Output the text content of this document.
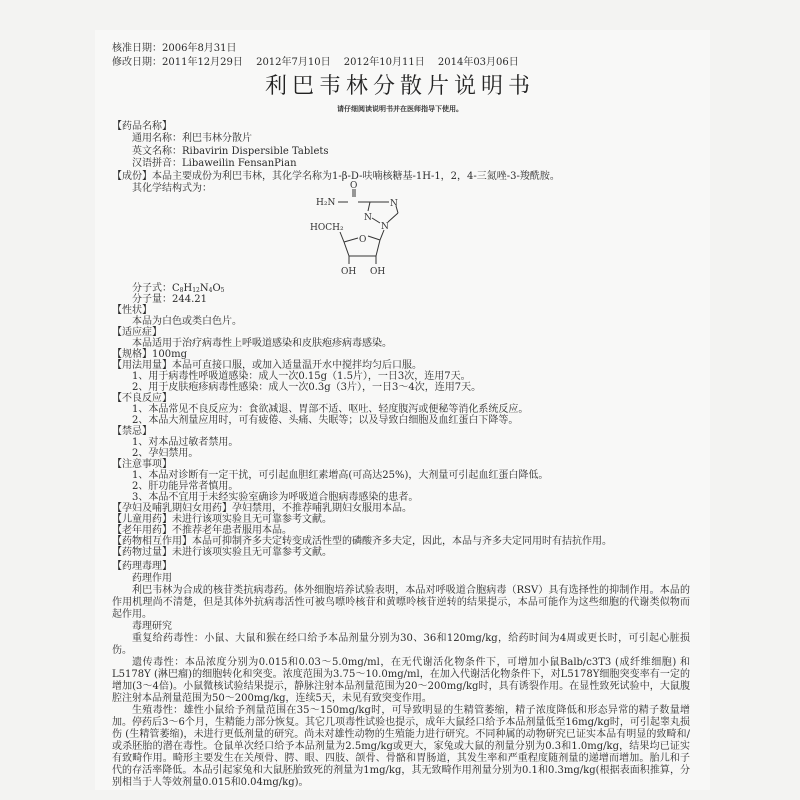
核准日期：2006年8月31日
修改日期：2011年12月29日　 2012年7月10日　 2012年10月11日　 2014年03月06日
利巴韦林分散片说明书
请仔细阅读说明书并在医师指导下使用。
【药品名称】
通用名称：利巴韦林分散片
英文名称：Ribavirin Dispersible Tablets
汉语拼音：Libaweilin FensanPian
【成份】本品主要成份为利巴韦林，其化学名称为1-β-D-呋喃核糖基-1H-1，2，4-三氮唑-3-羧酰胺。
其化学结构式为：	O
H₂N	N
N
N
HOCH₂
O
OH OH
分子式：C8H12N4O5
分子量：244.21
【性状】
本品为白色或类白色片。
【适应症】
本品适用于治疗病毒性上呼吸道感染和皮肤疱疹病毒感染。
【规格】100mg
【用法用量】本品可直接口服，或加入适量温开水中搅拌均匀后口服。
1、用于病毒性呼吸道感染：成人一次0.15g（1.5片），一日3次，连用7天。
2、用于皮肤疱疹病毒性感染：成人一次0.3g（3片），一日3～4次，连用7天。
【不良反应】
1、本品常见不良反应为：食欲减退、胃部不适、呕吐、轻度腹泻或便秘等消化系统反应。
2、本品大剂量应用时，可有疲倦、头痛、失眠等；以及导致白细胞及血红蛋白下降等。
【禁忌】
1、对本品过敏者禁用。
2、孕妇禁用。
【注意事项】
1、本品对诊断有一定干扰，可引起血胆红素增高(可高达25%)，大剂量可引起血红蛋白降低。
2、肝功能异常者慎用。
3、本品不宜用于未经实验室确诊为呼吸道合胞病毒感染的患者。
【孕妇及哺乳期妇女用药】孕妇禁用，不推荐哺乳期妇女服用本品。
【儿童用药】未进行该项实验且无可靠参考文献。
【老年用药】不推荐老年患者服用本品。
【药物相互作用】本品可抑制齐多夫定转变成活性型的磷酸齐多夫定，因此，本品与齐多夫定同用时有拮抗作用。
【药物过量】未进行该项实验且无可靠参考文献。
【药理毒理】
药理作用
利巴韦林为合成的核苷类抗病毒药。体外细胞培养试验表明，本品对呼吸道合胞病毒（RSV）具有选择性的抑制作用。本品的作用机理尚不清楚，但是其体外抗病毒活性可被鸟嘌呤核苷和黄嘌呤核苷逆转的结果提示，本品可能作为这些细胞的代谢类似物而起作用。
毒理研究
重复给药毒性：小鼠、大鼠和猴在经口给予本品剂量分别为30、36和120mg/kg，给药时间为4周或更长时，可引起心脏损伤。
遗传毒性：本品浓度分别为0.015和0.03～5.0mg/ml，在无代谢活化物条件下，可增加小鼠Balb/c3T3 (成纤维细胞) 和L5178Y (淋巴瘤)的细胞转化和突变。浓度范围为3.75～10.0mg/ml，在加入代谢活化物条件下，对L5178Y细胞突变率有一定的增加(3～4倍)。小鼠微核试验结果提示，静脉注射本品剂量范围为20～200mg/kg时，具有诱裂作用。在显性致死试验中，大鼠腹腔注射本品剂量范围为50～200mg/kg，连续5天，未见有致突变作用。
生殖毒性：雄性小鼠给予剂量范围在35～150mg/kg时，可导致明显的生精管萎缩，精子浓度降低和形态异常的精子数量增加。停药后3～6个月，生精能力部分恢复。其它几项毒性试验也提示，成年大鼠经口给予本品剂量低至16mg/kg时，可引起睾丸损伤 (生精管萎缩)，未进行更低剂量的研究。尚未对雄性动物的生殖能力进行研究。不同种属的动物研究已证实本品有明显的致畸和/或杀胚胎的潜在毒性。仓鼠单次经口给予本品剂量为2.5mg/kg或更大，家兔或大鼠的剂量分别为0.3和1.0mg/kg，结果均已证实有致畸作用。畸形主要发生在关颅骨、腭、眼、四肢、颌骨、骨骼和胃肠道，其发生率和严重程度随剂量的递增而增加。胎儿和子代的存活率降低。本品引起家兔和大鼠胚胎致死的剂量为1mg/kg，其无致畸作用剂量分别为0.1和0.3mg/kg(根据表面积推算，分别相当于人等效剂量0.015和0.04mg/kg)。
